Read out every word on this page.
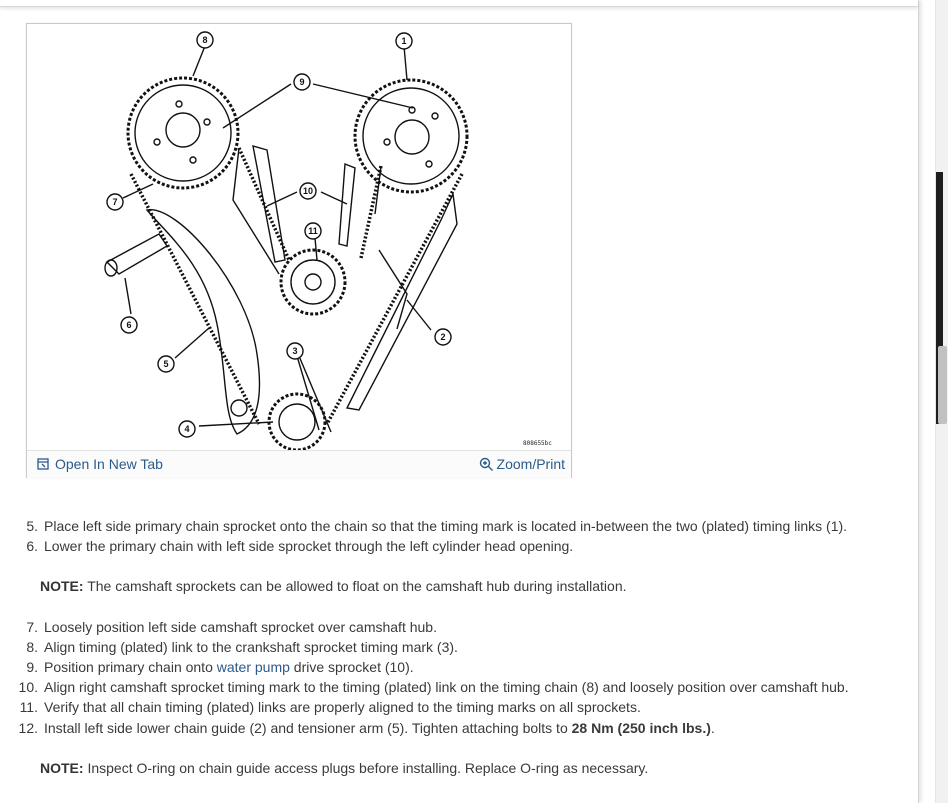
1
2
3
4
5
6
7
8
9
10
11
808655bc
Open In New Tab	Zoom/Print
5. Place left side primary chain sprocket onto the chain so that the timing mark is located in-between the two (plated) timing links (1).
6. Lower the primary chain with left side sprocket through the left cylinder head opening.
NOTE: The camshaft sprockets can be allowed to float on the camshaft hub during installation.
7. Loosely position left side camshaft sprocket over camshaft hub.
8. Align timing (plated) link to the crankshaft sprocket timing mark (3).
9. Position primary chain onto water pump drive sprocket (10).
10. Align right camshaft sprocket timing mark to the timing (plated) link on the timing chain (8) and loosely position over camshaft hub.
11. Verify that all chain timing (plated) links are properly aligned to the timing marks on all sprockets.
12. Install left side lower chain guide (2) and tensioner arm (5). Tighten attaching bolts to 28 Nm (250 inch lbs.).
NOTE: Inspect O-ring on chain guide access plugs before installing. Replace O-ring as necessary.
